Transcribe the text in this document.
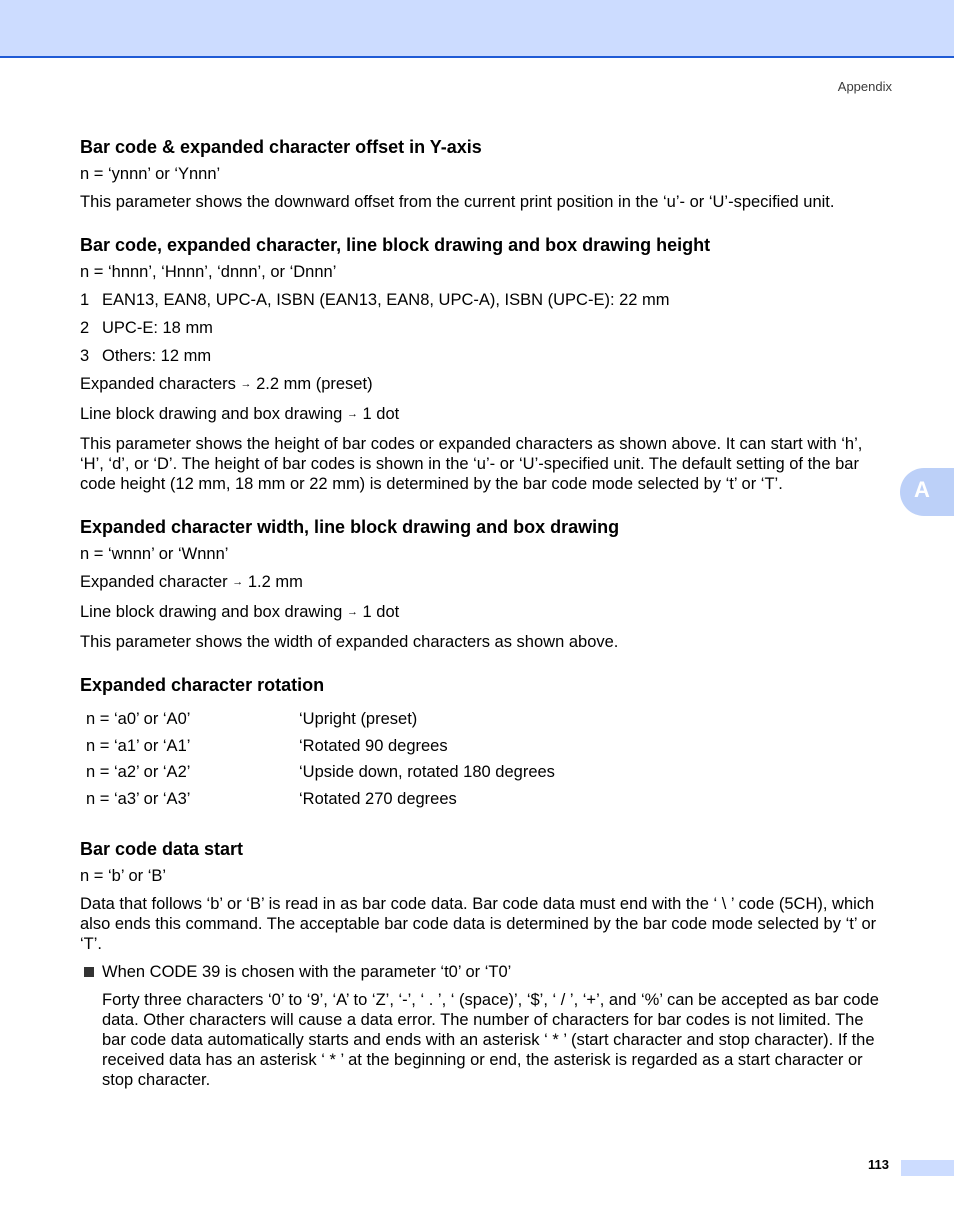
Appendix
A
Bar code & expanded character offset in Y-axis

n = ‘ynnn’ or ‘Ynnn’

This parameter shows the downward offset from the current print position in the ‘u’- or ‘U’-specified unit.

Bar code, expanded character, line block drawing and box drawing height

n = ‘hnnn’, ‘Hnnn’, ‘dnnn’, or ‘Dnnn’

1 EAN13, EAN8, UPC-A, ISBN (EAN13, EAN8, UPC-A), ISBN (UPC-E): 22 mm

2 UPC-E: 18 mm

3 Others: 12 mm

Expanded characters → 2.2 mm (preset)

Line block drawing and box drawing → 1 dot

This parameter shows the height of bar codes or expanded characters as shown above. It can start with ‘h’, ‘H’, ‘d’, or ‘D’. The height of bar codes is shown in the ‘u’- or ‘U’-specified unit. The default setting of the bar code height (12 mm, 18 mm or 22 mm) is determined by the bar code mode selected by ‘t’ or ‘T’.

Expanded character width, line block drawing and box drawing

n = ‘wnnn’ or ‘Wnnn’

Expanded character → 1.2 mm

Line block drawing and box drawing → 1 dot

This parameter shows the width of expanded characters as shown above.

Expanded character rotation
n = ‘a0’ or ‘A0’	‘Upright (preset)
n = ‘a1’ or ‘A1’	‘Rotated 90 degrees
n = ‘a2’ or ‘A2’	‘Upside down, rotated 180 degrees
n = ‘a3’ or ‘A3’	‘Rotated 270 degrees
Bar code data start

n = ‘b’ or ‘B’

Data that follows ‘b’ or ‘B’ is read in as bar code data. Bar code data must end with the ‘ \ ’ code (5CH), which also ends this command. The acceptable bar code data is determined by the bar code mode selected by ‘t’ or ‘T’.

When CODE 39 is chosen with the parameter ‘t0’ or ‘T0’

Forty three characters ‘0’ to ‘9’, ‘A’ to ‘Z’, ‘-’, ‘ . ’, ‘ (space)’, ‘$’, ‘ / ’, ‘+’, and ‘%’ can be accepted as bar code data. Other characters will cause a data error. The number of characters for bar codes is not limited. The bar code data automatically starts and ends with an asterisk ‘ * ’ (start character and stop character). If the received data has an asterisk ‘ * ’ at the beginning or end, the asterisk is regarded as a start character or stop character.

113
